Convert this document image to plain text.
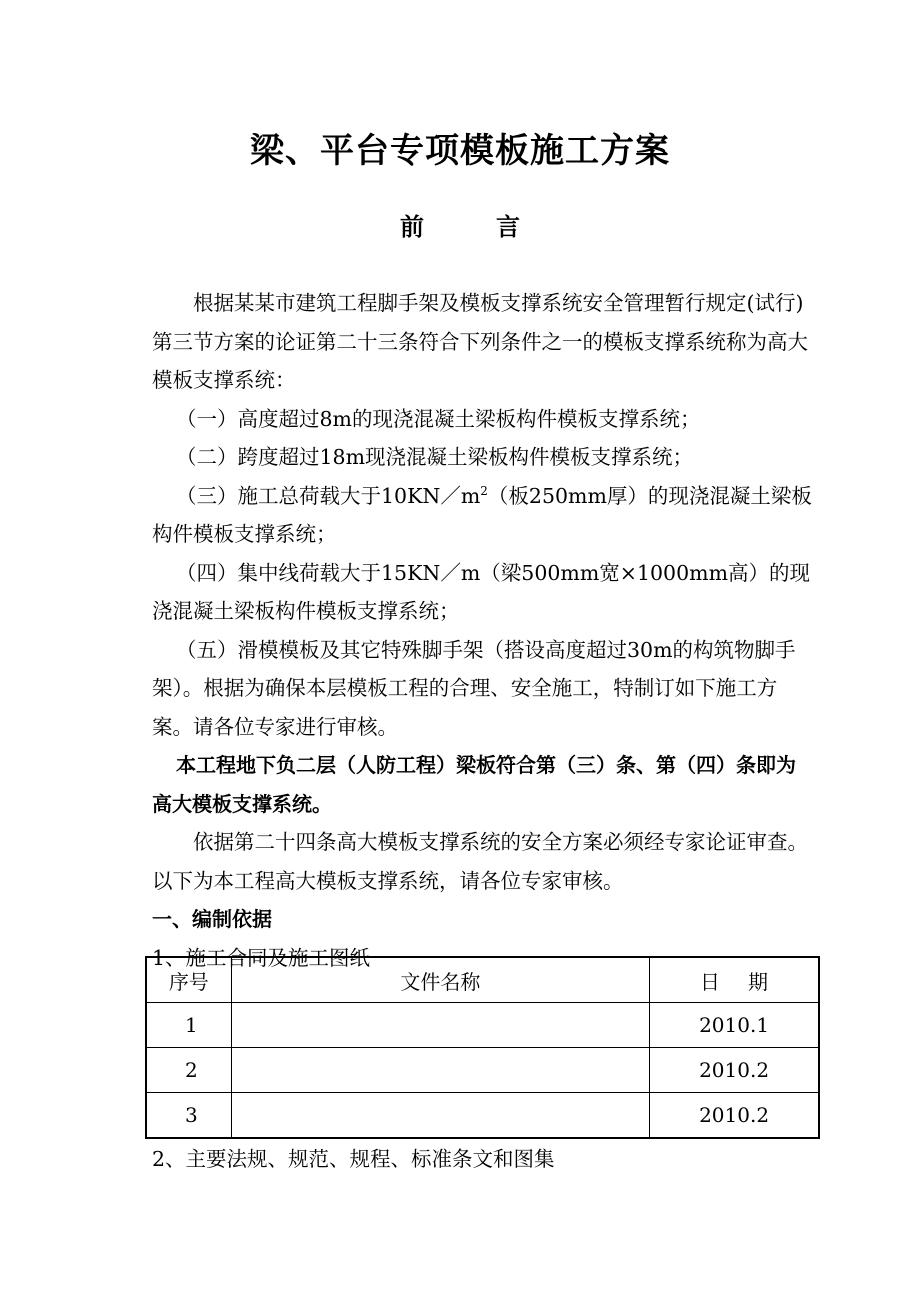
梁、平台专项模板施工方案
前	言

根据某某市建筑工程脚手架及模板支撑系统安全管理暂行规定(试行)第三节方案的论证第二十三条符合下列条件之一的模板支撑系统称为高大模板支撑系统：

（一）高度超过8m的现浇混凝土梁板构件模板支撑系统；

（二）跨度超过18m现浇混凝土梁板构件模板支撑系统；

（三）施工总荷载大于$10KN/m^2$（板250mm厚）的现浇混凝土梁板构件模板支撑系统；

（四）集中线荷载大于15KN／m（梁500mm宽×1000mm高）的现浇混凝土梁板构件模板支撑系统；

（五）滑模模板及其它特殊脚手架（搭设高度超过30m的构筑物脚手架）。根据为确保本层模板工程的合理、安全施工，特制订如下施工方案。请各位专家进行审核。

本工程地下负二层（人防工程）梁板符合第（三）条、第（四）条即为高大模板支撑系统。

依据第二十四条高大模板支撑系统的安全方案必须经专家论证审查。以下为本工程高大模板支撑系统，请各位专家审核。

一、编制依据

1、施工合同及施工图纸

序号	文件名称	日 期
1		2010.1
2		2010.2
3		2010.2

2、主要法规、规范、规程、标准条文和图集
